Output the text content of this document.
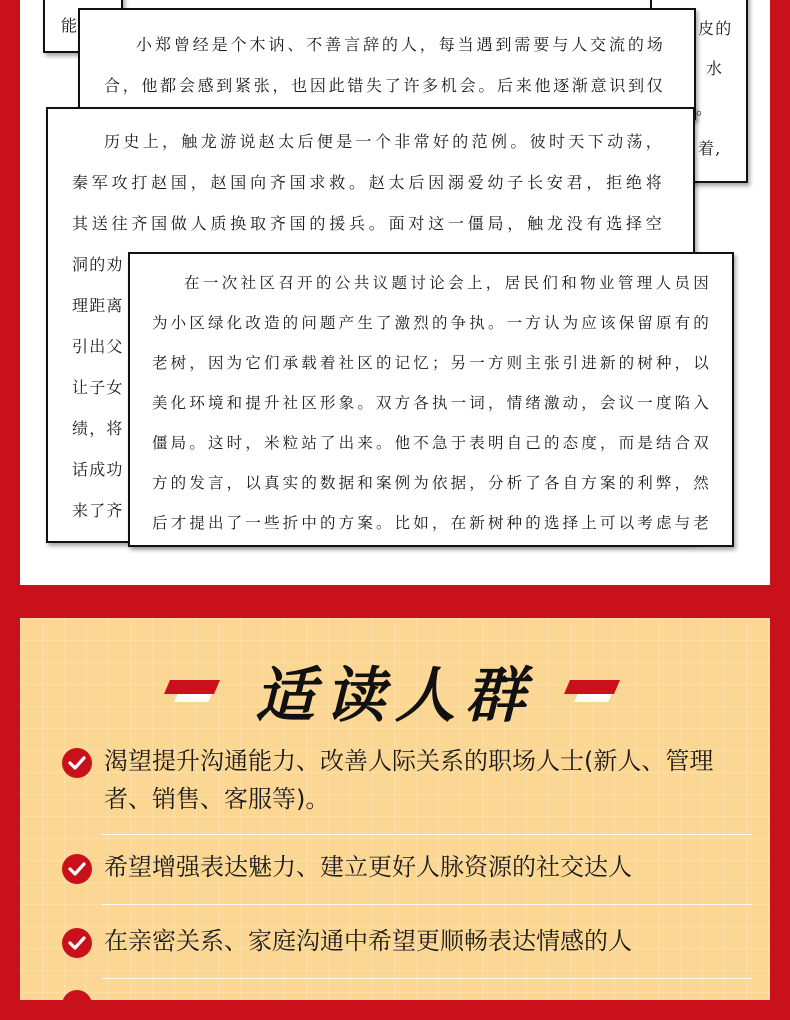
能	皮的
水
。
着,

小郑曾经是个木讷、不善言辞的人，每当遇到需要与人交流的场

合，他都会感到紧张，也因此错失了许多机会。后来他逐渐意识到仅

历史上，触龙游说赵太后便是一个非常好的范例。彼时天下动荡，

秦军攻打赵国，赵国向齐国求救。赵太后因溺爱幼子长安君，拒绝将

其送往齐国做人质换取齐国的援兵。面对这一僵局，触龙没有选择空

洞的劝

理距离

引出父

让子女

绩，将

话成功

来了齐

在一次社区召开的公共议题讨论会上，居民们和物业管理人员因

为小区绿化改造的问题产生了激烈的争执。一方认为应该保留原有的

老树，因为它们承载着社区的记忆；另一方则主张引进新的树种，以

美化环境和提升社区形象。双方各执一词，情绪激动，会议一度陷入

僵局。这时，米粒站了出来。他不急于表明自己的态度，而是结合双

方的发言，以真实的数据和案例为依据，分析了各自方案的利弊，然

后才提出了一些折中的方案。比如，在新树种的选择上可以考虑与老

适读人群
渴望提升沟通能力、改善人际关系的职场人士(新人、管理者、销售、客服等)。
希望增强表达魅力、建立更好人脉资源的社交达人
在亲密关系、家庭沟通中希望更顺畅表达情感的人
